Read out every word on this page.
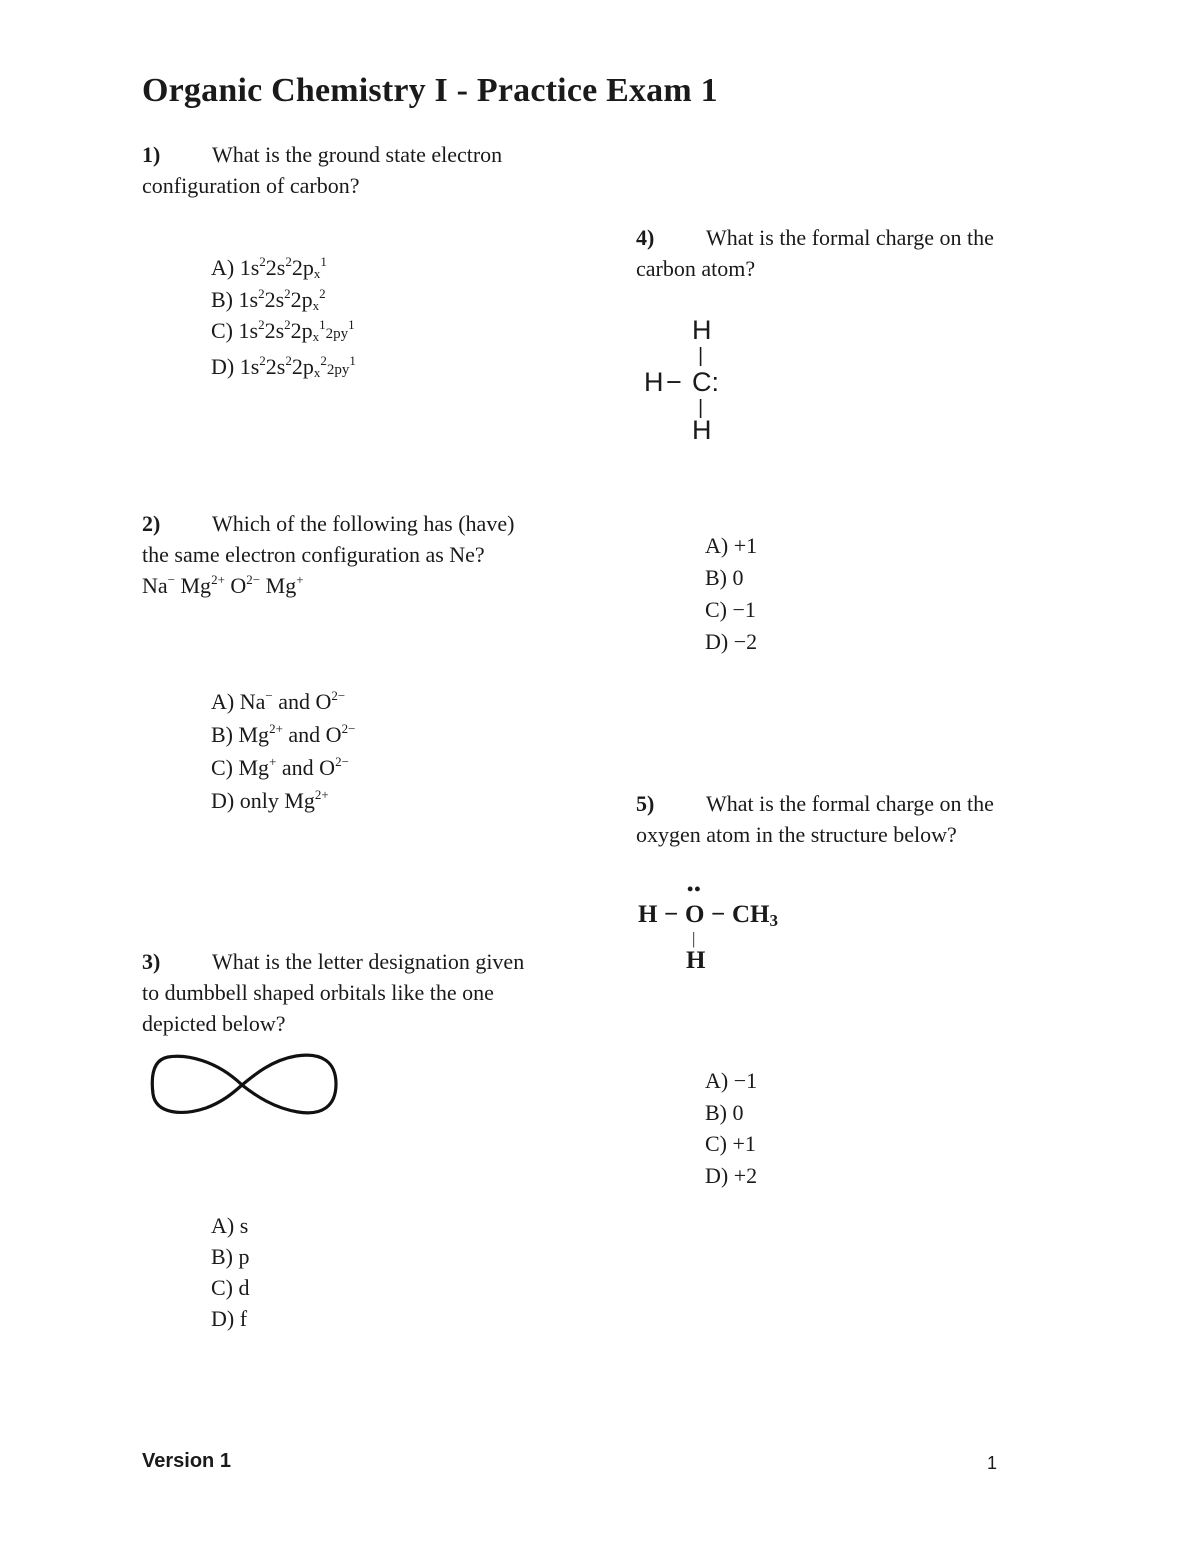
Organic Chemistry I - Practice Exam 1
1) What is the ground state electron
configuration of carbon?
A) $1s^22s^22p_x^1$
B) $1s^22s^22p_x^2$
C) $1s^22s^22p_x^12py^1$
D) $1s^22s^22p_x^22py^1$
2) Which of the following has (have)
the same electron configuration as Ne?
Na− $Mg^{2+}$ $O^{2-}$ Mg+
A) Na− and $O^{2-}$
B) $Mg^{2+}$ and $O^{2-}$
C) Mg+ and $O^{2-}$
D) only $Mg^{2+}$
3) What is the letter designation given
to dumbbell shaped orbitals like the one
depicted below?
A) s
B) p
C) d
D) f
4) What is the formal charge on the
carbon atom?
H
|
H − C:
|
H
A) +1
B) 0
C) −1
D) −2
5) What is the formal charge on the
oxygen atom in the structure below?
••
$H - O - CH_3$
|
H
A) −1
B) 0
C) +1
D) +2
Version 1	1
